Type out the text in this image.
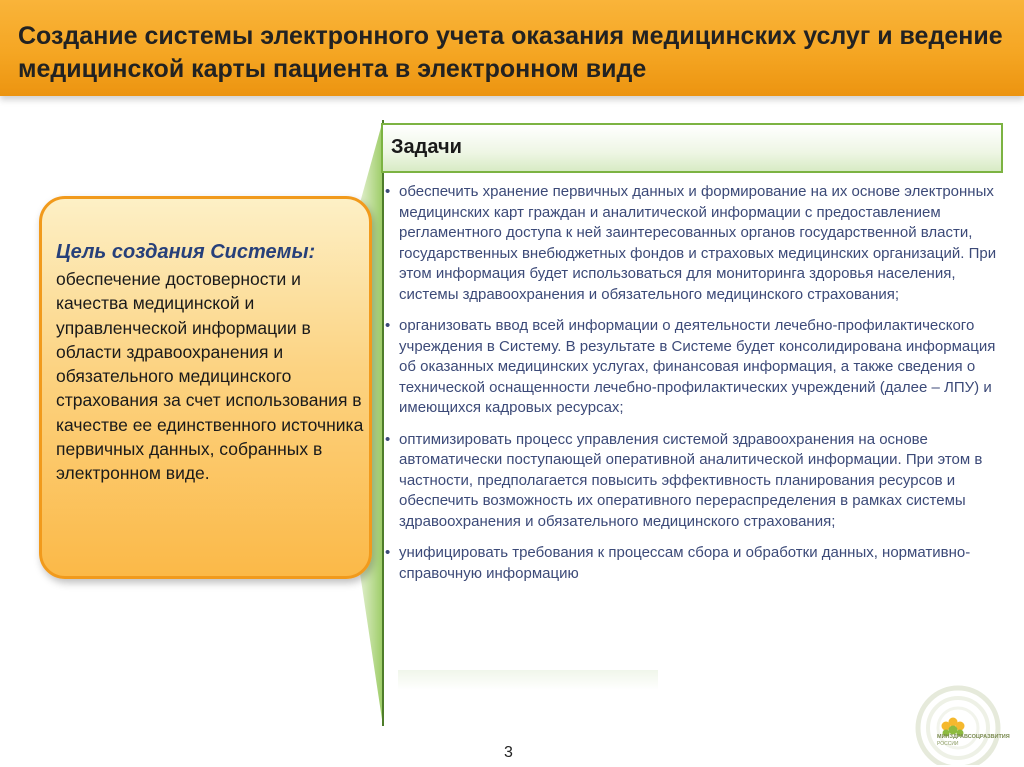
Создание системы электронного учета оказания медицинских услуг и ведение медицинской карты пациента в электронном виде

Цель создания Системы:

обеспечение достоверности и качества медицинской и управленческой информации в области здравоохранения и обязательного медицинского страхования за счет использования в качестве ее единственного источника первичных данных, собранных в электронном виде.

Задачи

• обеспечить хранение первичных данных и формирование на их основе электронных медицинских карт граждан и аналитической информации с предоставлением регламентного доступа к ней заинтересованных органов государственной власти, государственных внебюджетных фондов и страховых медицинских организаций. При этом информация будет использоваться для мониторинга здоровья населения, системы здравоохранения и обязательного медицинского страхования;
• организовать ввод всей информации о деятельности лечебно-профилактического учреждения в Систему. В результате в Системе будет консолидирована информация об оказанных медицинских услугах, финансовая информация, а также сведения о технической оснащенности лечебно-профилактических учреждений (далее – ЛПУ) и имеющихся кадровых ресурсах;
• оптимизировать процесс управления системой здравоохранения на основе автоматически поступающей оперативной аналитической информации. При этом в частности, предполагается повысить эффективность планирования ресурсов и обеспечить возможность их оперативного перераспределения в рамках системы здравоохранения и обязательного медицинского страхования;
• унифицировать требования к процессам сбора и обработки данных, нормативно-справочную информацию

3

МИНЗДРАВСОЦРАЗВИТИЯ

РОССИИ
